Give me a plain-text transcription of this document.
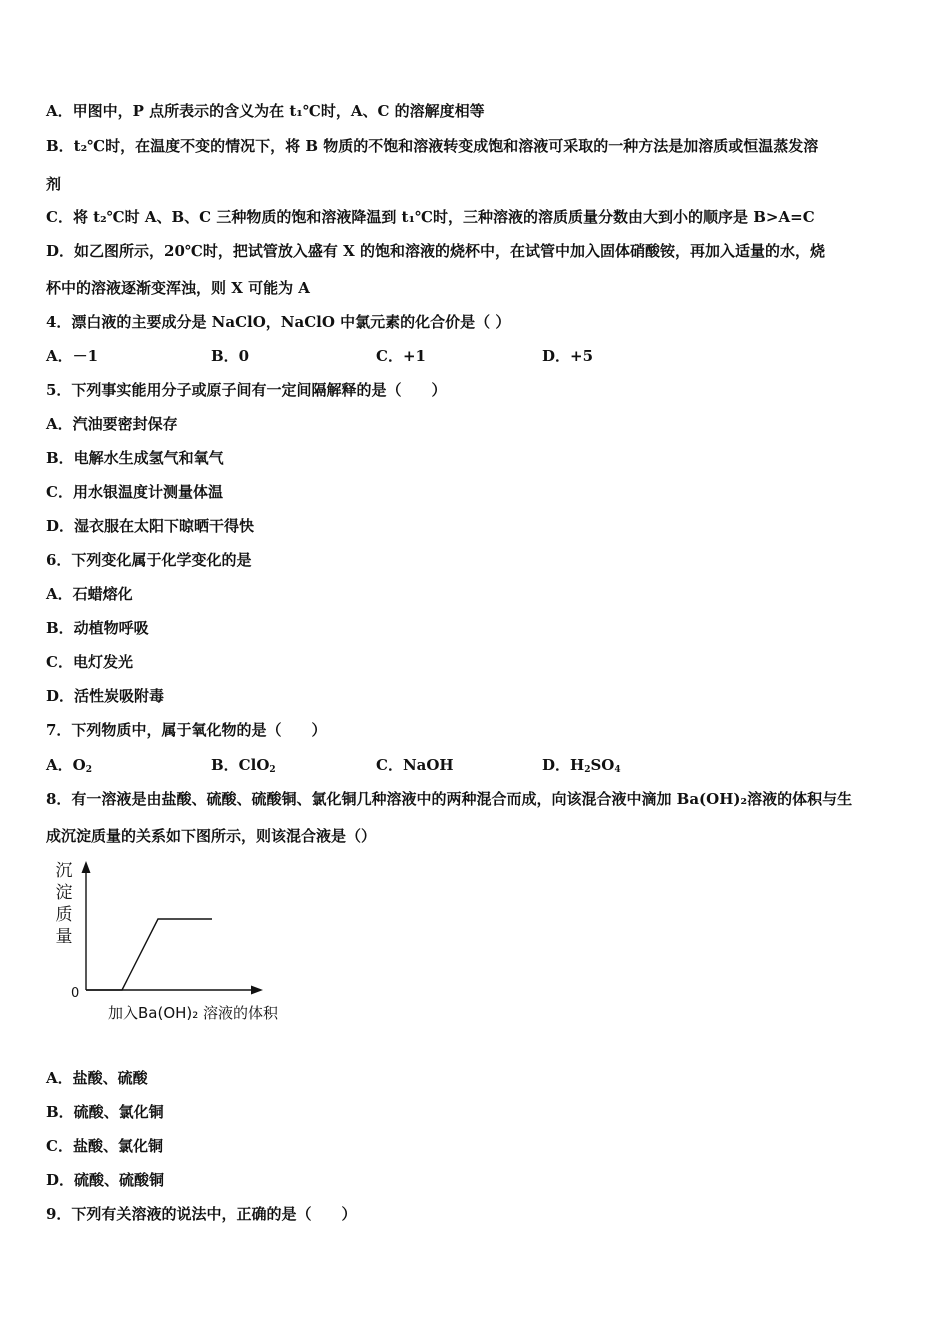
A．甲图中，P 点所表示的含义为在 t₁℃时，A、C 的溶解度相等
B．t₂℃时，在温度不变的情况下，将 B 物质的不饱和溶液转变成饱和溶液可采取的一种方法是加溶质或恒温蒸发溶
剂
C．将 t₂℃时 A、B、C 三种物质的饱和溶液降温到 t₁℃时，三种溶液的溶质质量分数由大到小的顺序是 B>A=C
D．如乙图所示，20℃时，把试管放入盛有 X 的饱和溶液的烧杯中，在试管中加入固体硝酸铵，再加入适量的水，烧
杯中的溶液逐渐变浑浊，则 X 可能为 A
4．漂白液的主要成分是 NaClO，NaClO 中氯元素的化合价是（ ）
A．－1	B．0	C．+1	D．+5
5．下列事实能用分子或原子间有一定间隔解释的是（　　）
A．汽油要密封保存
B．电解水生成氢气和氧气
C．用水银温度计测量体温
D．湿衣服在太阳下晾晒干得快
6．下列变化属于化学变化的是
A．石蜡熔化
B．动植物呼吸
C．电灯发光
D．活性炭吸附毒
7．下列物质中，属于氧化物的是（　　）
A．$O_2$	B．ClO$_2$	C．NaOH	D．$H_2SO_4$
8．有一溶液是由盐酸、硫酸、硫酸铜、氯化铜几种溶液中的两种混合而成，向该混合液中滴加 Ba(OH)₂溶液的体积与生
成沉淀质量的关系如下图所示，则该混合液是（）
沉淀质量
0
加入Ba(OH)₂ 溶液的体积
A．盐酸、硫酸
B．硫酸、氯化铜
C．盐酸、氯化铜
D．硫酸、硫酸铜
9．下列有关溶液的说法中，正确的是（　　）
